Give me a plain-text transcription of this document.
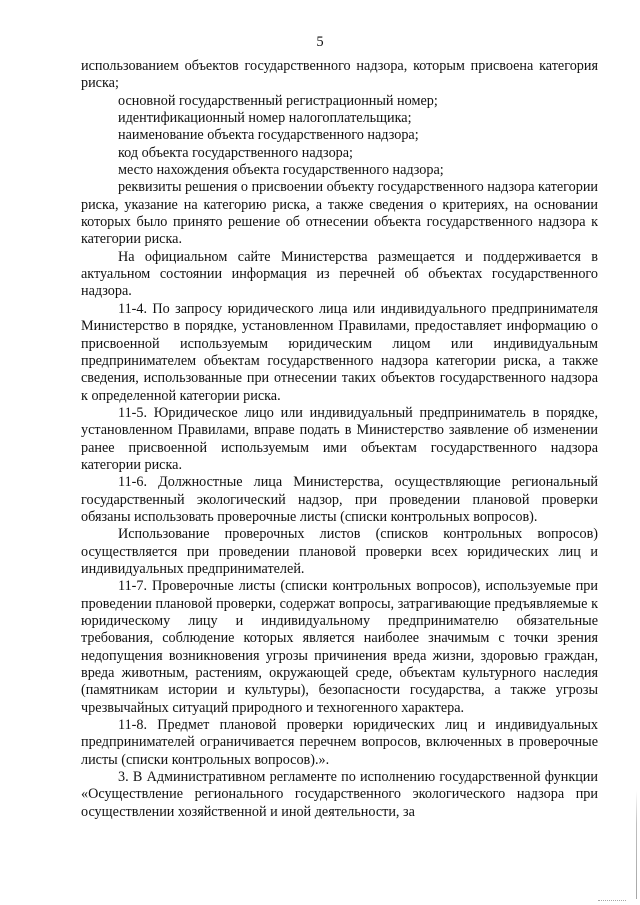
5

использованием объектов государственного надзора, которым присвоена категория риска;

основной государственный регистрационный номер;

идентификационный номер налогоплательщика;

наименование объекта государственного надзора;

код объекта государственного надзора;

место нахождения объекта государственного надзора;

реквизиты решения о присвоении объекту государственного надзора категории риска, указание на категорию риска, а также сведения о критериях, на основании которых было принято решение об отнесении объекта государственного надзора к категории риска.

На официальном сайте Министерства размещается и поддерживается в актуальном состоянии информация из перечней об объектах государственного надзора.

11-4. По запросу юридического лица или индивидуального предпринимателя Министерство в порядке, установленном Правилами, предоставляет информацию о присвоенной используемым юридическим лицом или индивидуальным предпринимателем объектам государственного надзора категории риска, а также сведения, использованные при отнесении таких объектов государственного надзора к определенной категории риска.

11-5. Юридическое лицо или индивидуальный предприниматель в порядке, установленном Правилами, вправе подать в Министерство заявление об изменении ранее присвоенной используемым ими объектам государственного надзора категории риска.

11-6. Должностные лица Министерства, осуществляющие региональный государственный экологический надзор, при проведении плановой проверки обязаны использовать проверочные листы (списки контрольных вопросов).

Использование проверочных листов (списков контрольных вопросов) осуществляется при проведении плановой проверки всех юридических лиц и индивидуальных предпринимателей.

11-7. Проверочные листы (списки контрольных вопросов), используемые при проведении плановой проверки, содержат вопросы, затрагивающие предъявляемые к юридическому лицу и индивидуальному предпринимателю обязательные требования, соблюдение которых является наиболее значимым с точки зрения недопущения возникновения угрозы причинения вреда жизни, здоровью граждан, вреда животным, растениям, окружающей среде, объектам культурного наследия (памятникам истории и культуры), безопасности государства, а также угрозы чрезвычайных ситуаций природного и техногенного характера.

11-8. Предмет плановой проверки юридических лиц и индивидуальных предпринимателей ограничивается перечнем вопросов, включенных в проверочные листы (списки контрольных вопросов).».

3. В Административном регламенте по исполнению государственной функции «Осуществление регионального государственного экологического надзора при осуществлении хозяйственной и иной деятельности, за
